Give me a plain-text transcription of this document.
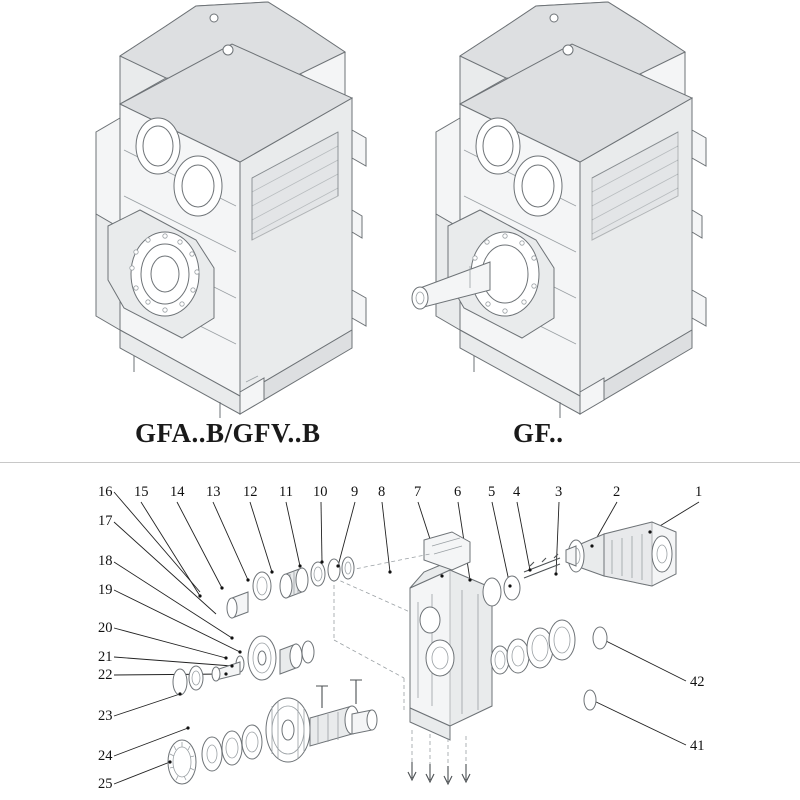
GFA..B/GFV..B	GF..
16
17
18
19
20
21
22
23
24
25
15 14 13 12 11 10 9 8 7 6 5 4 3	2	1
42
41
